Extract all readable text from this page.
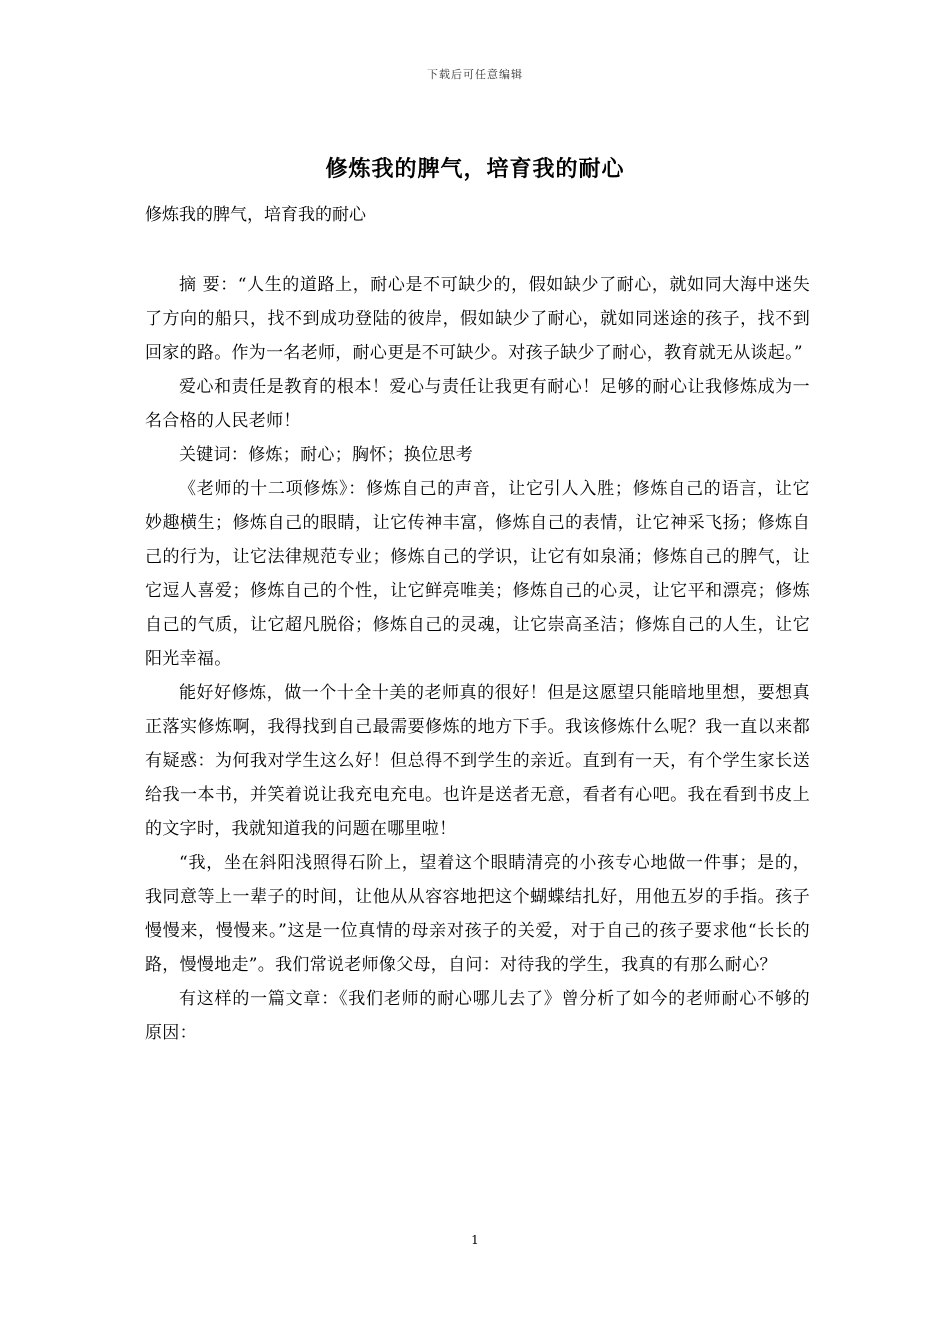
下载后可任意编辑
修炼我的脾气，培育我的耐心
修炼我的脾气，培育我的耐心

摘 要：“人生的道路上，耐心是不可缺少的，假如缺少了耐心，就如同大海中迷失了方向的船只，找不到成功登陆的彼岸，假如缺少了耐心，就如同迷途的孩子，找不到回家的路。作为一名老师，耐心更是不可缺少。对孩子缺少了耐心，教育就无从谈起。”

爱心和责任是教育的根本！爱心与责任让我更有耐心！足够的耐心让我修炼成为一名合格的人民老师！

关键词：修炼；耐心；胸怀；换位思考

《老师的十二项修炼》：修炼自己的声音，让它引人入胜；修炼自己的语言，让它妙趣横生；修炼自己的眼睛，让它传神丰富，修炼自己的表情，让它神采飞扬；修炼自己的行为，让它法律规范专业；修炼自己的学识，让它有如泉涌；修炼自己的脾气，让它逗人喜爱；修炼自己的个性，让它鲜亮唯美；修炼自己的心灵，让它平和漂亮；修炼自己的气质，让它超凡脱俗；修炼自己的灵魂，让它崇高圣洁；修炼自己的人生，让它阳光幸福。

能好好修炼，做一个十全十美的老师真的很好！但是这愿望只能暗地里想，要想真正落实修炼啊，我得找到自己最需要修炼的地方下手。我该修炼什么呢？我一直以来都有疑惑：为何我对学生这么好！但总得不到学生的亲近。直到有一天，有个学生家长送给我一本书，并笑着说让我充电充电。也许是送者无意，看者有心吧。我在看到书皮上的文字时，我就知道我的问题在哪里啦！

“我，坐在斜阳浅照得石阶上，望着这个眼睛清亮的小孩专心地做一件事；是的，我同意等上一辈子的时间，让他从从容容地把这个蝴蝶结扎好，用他五岁的手指。孩子慢慢来，慢慢来。”这是一位真情的母亲对孩子的关爱，对于自己的孩子要求他“长长的路，慢慢地走”。我们常说老师像父母，自问：对待我的学生，我真的有那么耐心？

有这样的一篇文章：《我们老师的耐心哪儿去了》曾分析了如今的老师耐心不够的原因：

1
